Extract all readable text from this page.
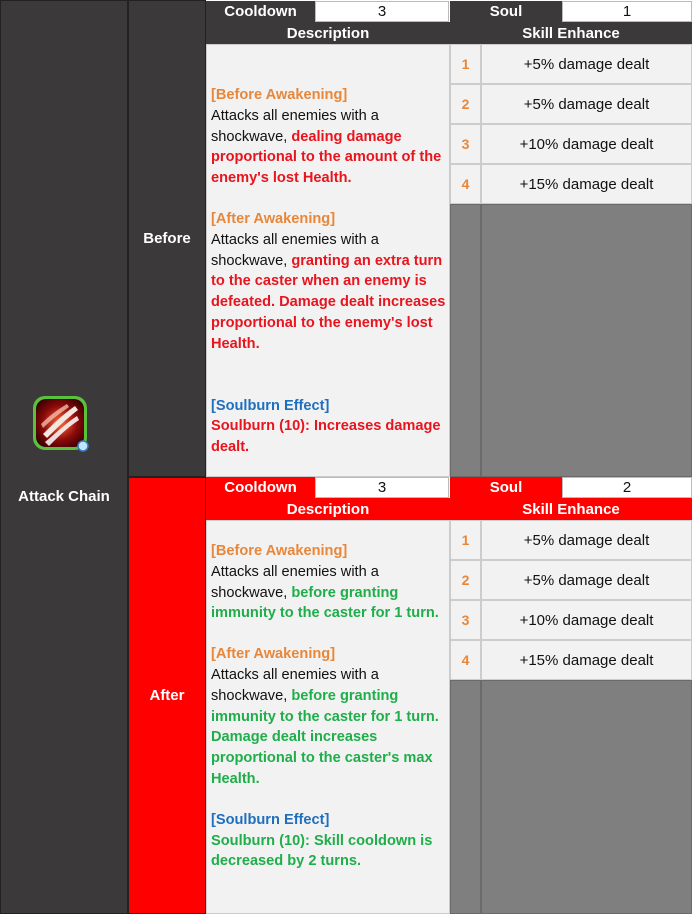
Attack Chain
Before
Cooldown	3	Soul	1
Description	Skill Enhance

[Before Awakening]

Attacks all enemies with a shockwave, dealing damage proportional to the amount of the enemy's lost Health.

[After Awakening]

Attacks all enemies with a shockwave, granting an extra turn to the caster when an enemy is defeated. Damage dealt increases proportional to the enemy's lost Health.

[Soulburn Effect]

Soulburn (10): Increases damage dealt.

1	+5% damage dealt
2	+5% damage dealt
3	+10% damage dealt
4	+15% damage dealt
After
Cooldown	3	Soul	2
Description	Skill Enhance

[Before Awakening]

Attacks all enemies with a shockwave, before granting immunity to the caster for 1 turn.

[After Awakening]

Attacks all enemies with a shockwave, before granting immunity to the caster for 1 turn. Damage dealt increases proportional to the caster's max Health.

[Soulburn Effect]

Soulburn (10): Skill cooldown is decreased by 2 turns.

1	+5% damage dealt
2	+5% damage dealt
3	+10% damage dealt
4	+15% damage dealt
